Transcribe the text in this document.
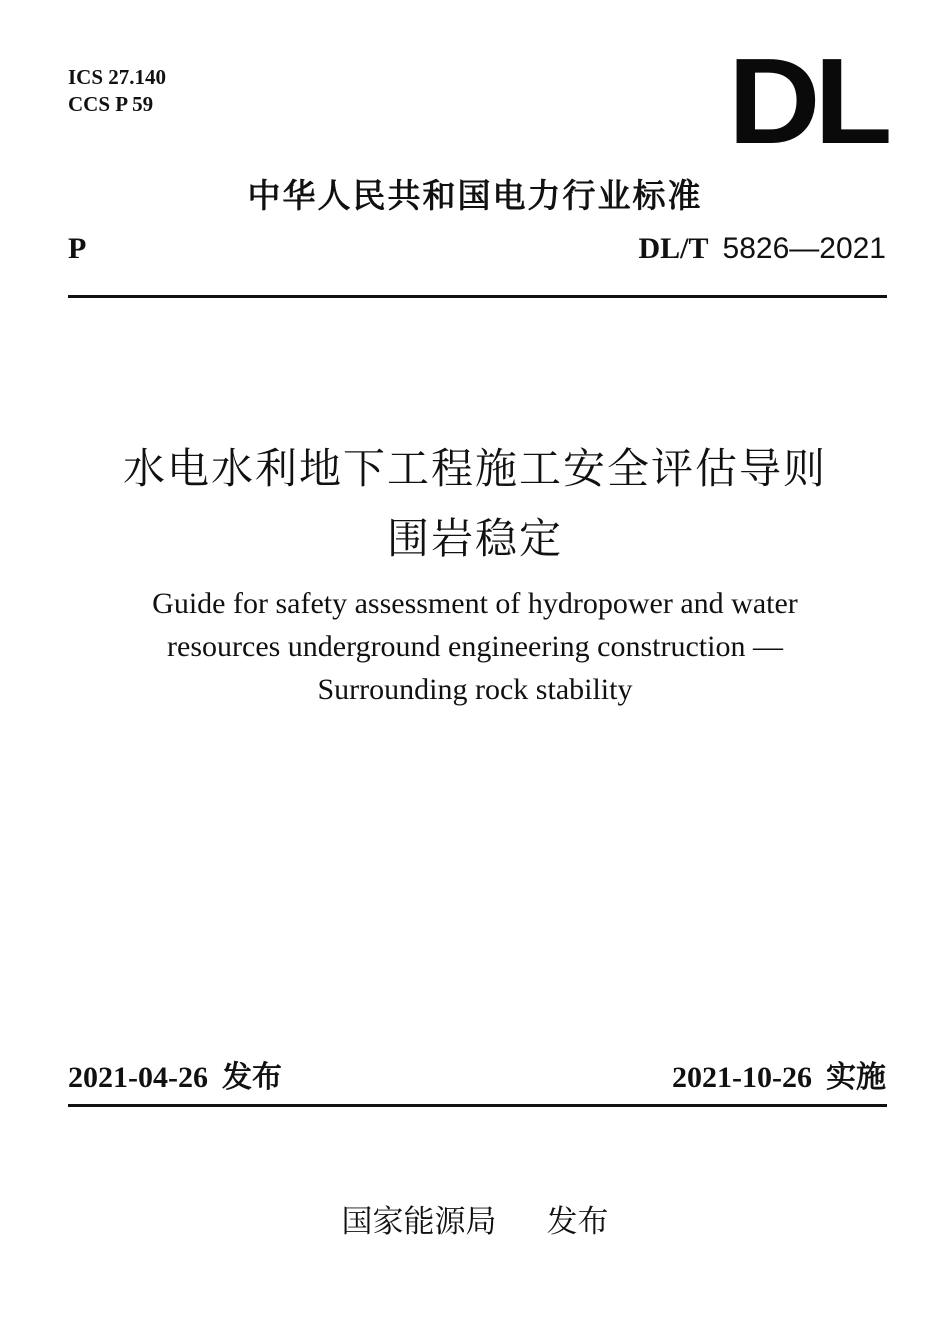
ICS 27.140
CCS P 59	DL
中华人民共和国电力行业标准
P	DL/T 5826—2021
水电水利地下工程施工安全评估导则
围岩稳定
Guide for safety assessment of hydropower and water
resources underground engineering construction —
Surrounding rock stability
2021-04-26 发布	2021-10-26 实施
国家能源局 发布
